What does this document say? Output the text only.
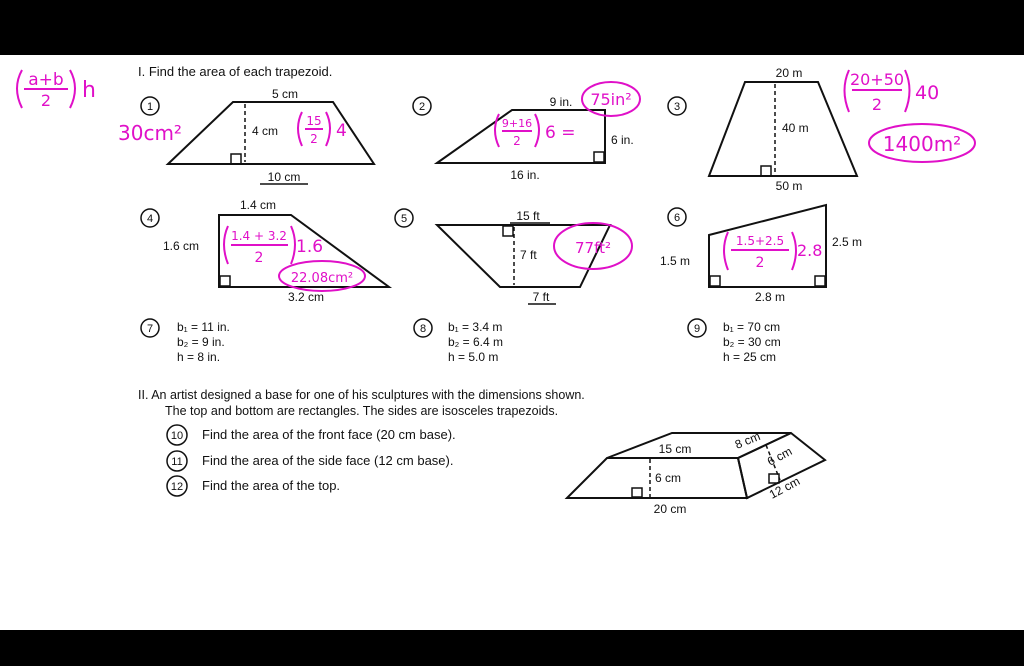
I. Find the area of each trapezoid.
1
5 cm
4 cm
10 cm
2	9 in.
6 in.
16 in.
3
20 m
40 m
50 m
4
1.4 cm
1.6 cm
3.2 cm
5	15 ft
7 ft
7 ft
6
1.5 m
2.5 m
2.8 m
7 b₁ = 11 in.
b₂ = 9 in.
h = 8 in.
8 b₁ = 3.4 m
b₂ = 6.4 m
h = 5.0 m
9 b₁ = 70 cm
b₂ = 30 cm
h = 25 cm
II. An artist designed a base for one of his sculptures with the dimensions shown.
The top and bottom are rectangles. The sides are isosceles trapezoids.
10 Find the area of the front face (20 cm base).
11 Find the area of the side face (12 cm base).
12 Find the area of the top.
15 cm
6 cm
20 cm
8 cm
6 cm
12 cm
a+b
2 h
30cm²	15
2 4
75in²
9+16
2 6 =
20+50
2
40
1400m²
1.4 + 3.2
2
1.6
22.08cm²
77ft²	1.5+2.5
2
2.8
